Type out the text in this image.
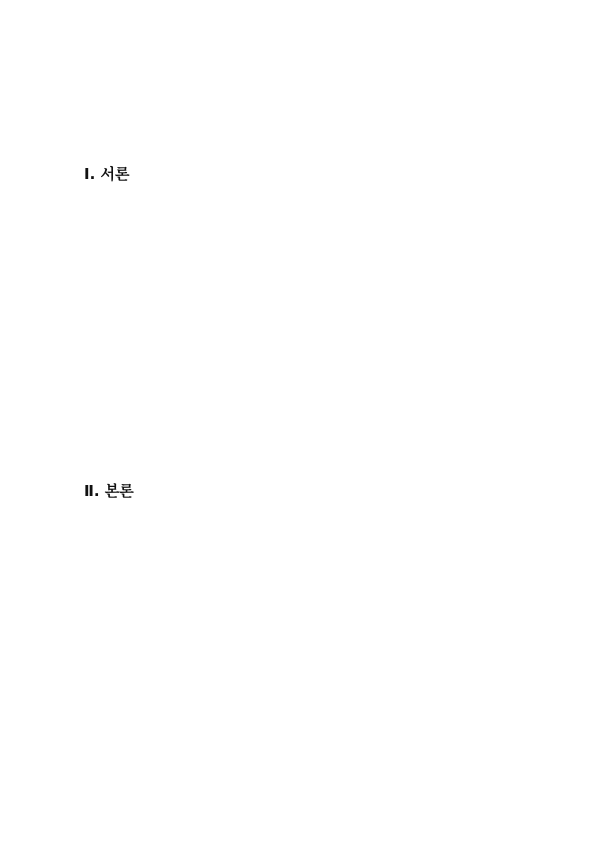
Ⅰ. 서론
Ⅱ. 본론
